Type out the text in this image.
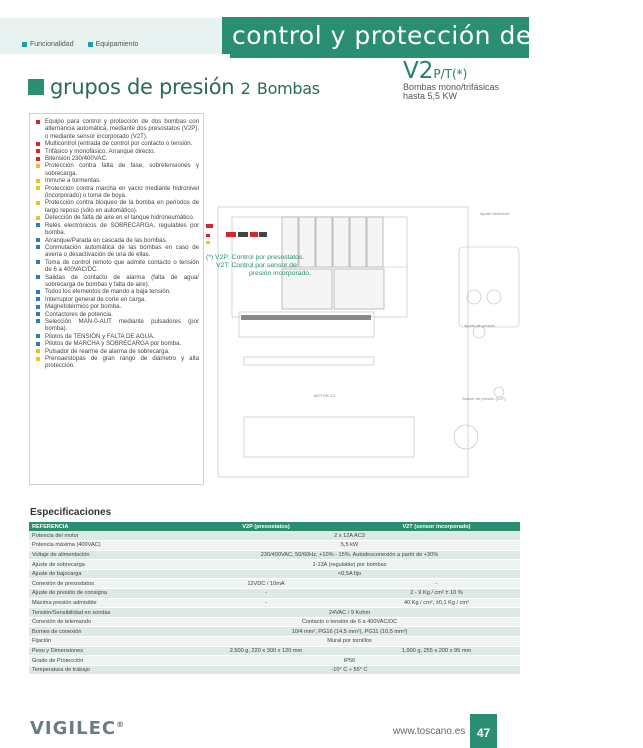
control y protección de bombas
Funcionalidad	Equipamiento
V2P/T(*)
Bombas mono/trifásicas
hasta 5,5 KW
grupos de presión 2 Bombas
Equipo para control y protección de dos bombas con alternancia automática, mediante dos presostatos (V2P), o mediante sensor incorporado (V2T).
Multicontrol (entrada de control por contacto o tensión.
Trifásico y monofásico. Arranque directo.
Bitensión 230/400VAC.
Protección contra falta de fase, sobretensiones y sobrecarga.
Inmune a tormentas.
Protección contra marcha en vacío mediante hidronivel (incorporado) o toma de boya.
Protección contra bloqueo de la bomba en períodos de largo reposo (sólo en automático).
Detección de falta de aire en el tanque hidroneumático.
Relés electrónicos de SOBRECARGA, regulables por bomba.
Arranque/Parada en cascada de las bombas.
Conmutación automática de las bombas en caso de avería o desactivación de una de ellas.
Toma de control remoto que admite contacto o tensión de 6 a 400VAC/DC.
Salidas de contacto de alarma (falta de agua/ sobrecarga de bombas y falta de aire).
Todos los elementos de mando a baja tensión.
Interruptor general de corte en carga.
Magnetotérmico por bomba.
Contactores de potencia.
Selección MAN-0-AUT mediante pulsadores (por bomba).
Pilotos de TENSIÓN y FALTA DE AGUA.
Pilotos de MARCHA y SOBRECARGA por bomba.
Pulsador de rearme de alarma de sobrecarga.
Prensaestopas de gran rango de diámetro y alta protección.
(*) V2P: Control por presostatos.
V2T: Control por sensor de
presión incorporado.
Ajuste hidronivel
Sensor de presión (V2T)
Ajuste de presión
MOTOR 1/2
Especificaciones
REFERENCIA	V2P (presostatos)	V2T (sensor incorporado)
Potencia del motor	2 x 12A AC3	
Potencia máxima (400VAC)	5,5 kW	
Voltaje de alimentación	230/400VAC, 50/60Hz, +10% - 15%. Autodesconexión a partir de +30%	
Ajuste de sobrecarga	1-13A (regulable) por bombas	
Ajuste de bajocarga	<0,5A fijo	
Conexión de presostatos	12VDC / 10mA	-
Ajuste de presión de consigna	-	2 - 9 Kg / cm² ± 10 %
Máxima presión admisible	-	40 Kg / cm², ±0,1 Kg / cm²
Tensión/Sensibilidad en sondas	24VAC / 9 Kohm	
Conexión de telemando	Contacto o tensión de 6 a 400VAC/DC	
Bornes de conexión	10/4 mm², PG16 (14,5 mm²), PG11 (10,5 mm²)	
Fijación	Mural por tornillos	
Peso y Dimensiones	2.500 g, 220 x 300 x 120 mm	1.900 g, 255 x 200 x 95 mm
Grado de Protección	IP56	
Temperatura de trabajo	-10° C ÷ 55° C	
VIGILEC®
www.toscano.es 47
